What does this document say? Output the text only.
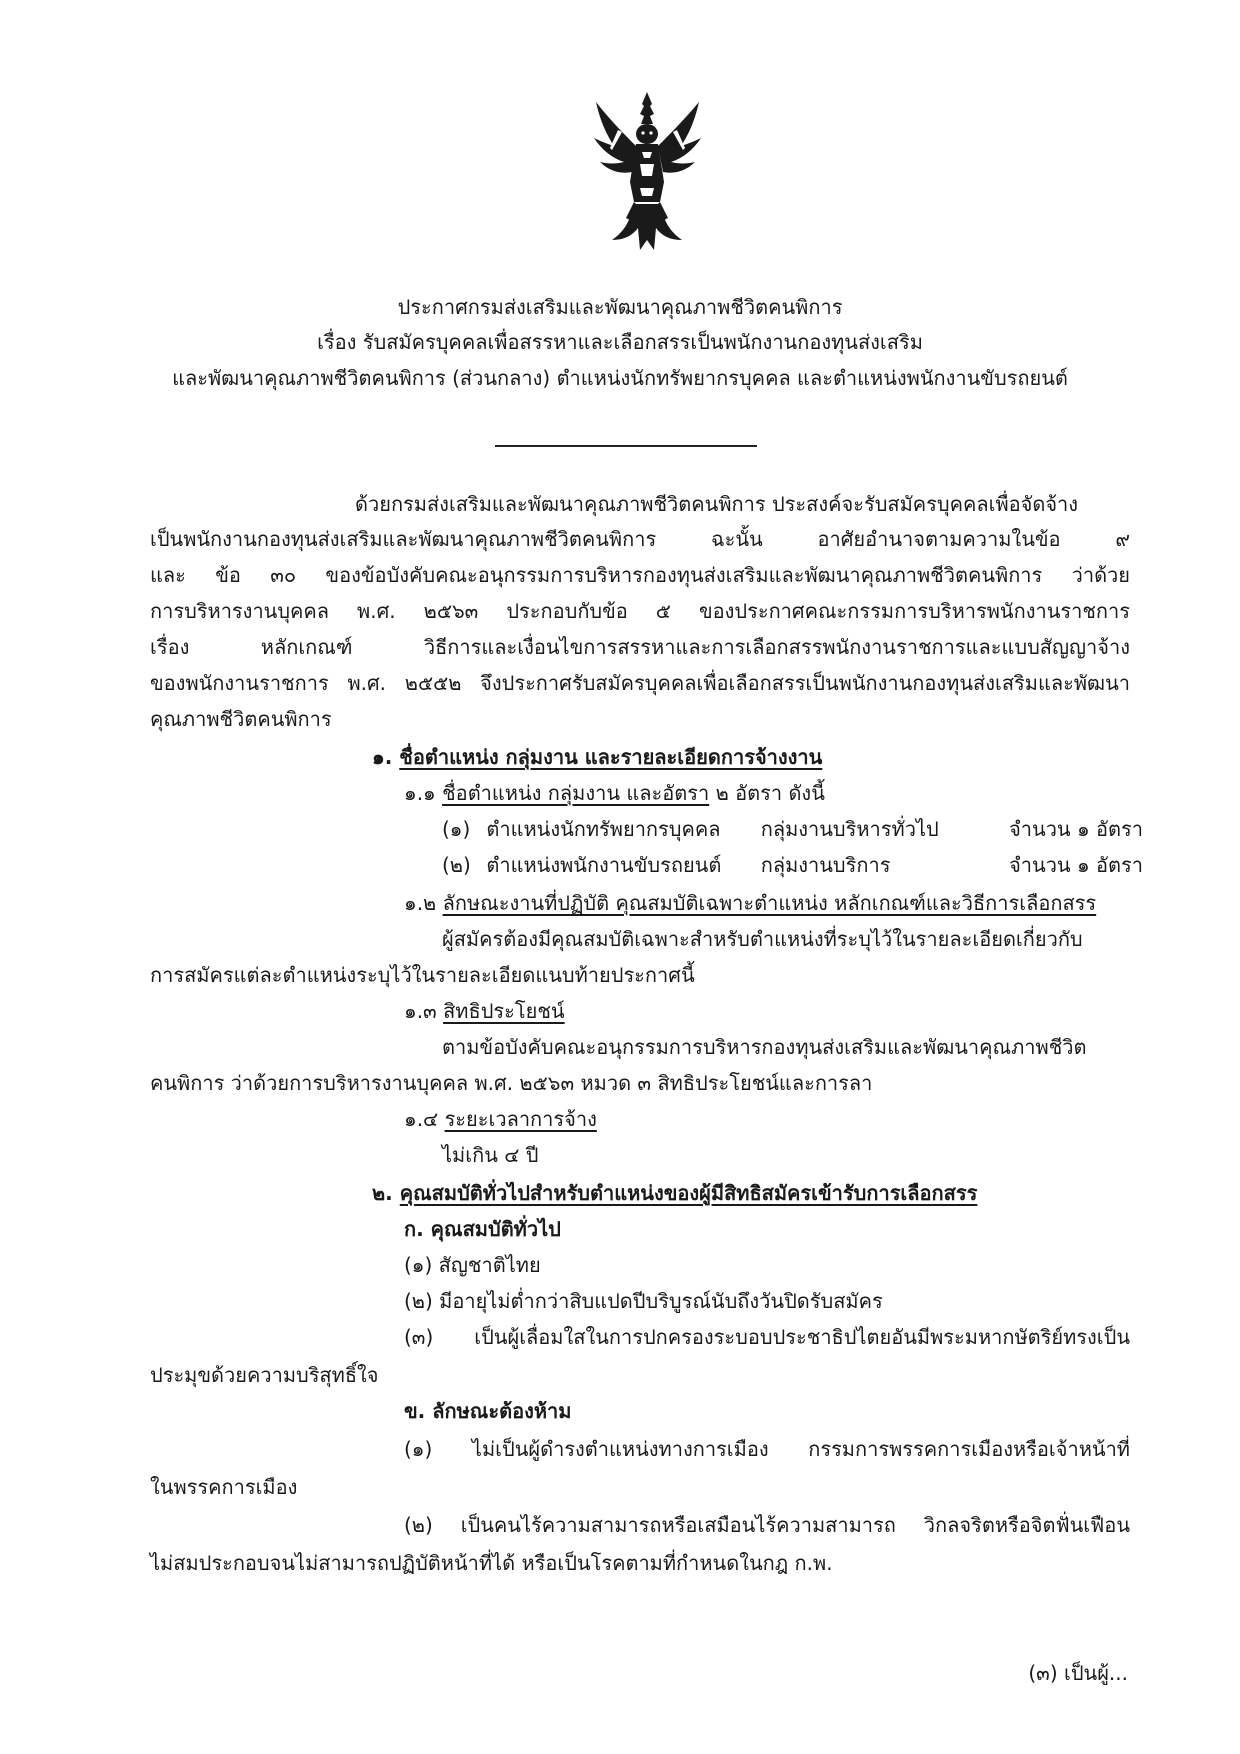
ประกาศกรมส่งเสริมและพัฒนาคุณภาพชีวิตคนพิการ
เรื่อง รับสมัครบุคคลเพื่อสรรหาและเลือกสรรเป็นพนักงานกองทุนส่งเสริม
และพัฒนาคุณภาพชีวิตคนพิการ (ส่วนกลาง) ตำแหน่งนักทรัพยากรบุคคล และตำแหน่งพนักงานขับรถยนต์
ด้วยกรมส่งเสริมและพัฒนาคุณภาพชีวิตคนพิการ ประสงค์จะรับสมัครบุคคลเพื่อจัดจ้าง
เป็นพนักงานกองทุนส่งเสริมและพัฒนาคุณภาพชีวิตคนพิการ ฉะนั้น อาศัยอำนาจตามความในข้อ ๙
และ ข้อ ๓๐ ของข้อบังคับคณะอนุกรรมการบริหารกองทุนส่งเสริมและพัฒนาคุณภาพชีวิตคนพิการ ว่าด้วย
การบริหารงานบุคคล พ.ศ. ๒๕๖๓ ประกอบกับข้อ ๕ ของประกาศคณะกรรมการบริหารพนักงานราชการ
เรื่อง หลักเกณฑ์ วิธีการและเงื่อนไขการสรรหาและการเลือกสรรพนักงานราชการและแบบสัญญาจ้าง
ของพนักงานราชการ พ.ศ. ๒๕๕๒ จึงประกาศรับสมัครบุคคลเพื่อเลือกสรรเป็นพนักงานกองทุนส่งเสริมและพัฒนา
คุณภาพชีวิตคนพิการ
๑. ชื่อตำแหน่ง กลุ่มงาน และรายละเอียดการจ้างงาน
๑.๑ ชื่อตำแหน่ง กลุ่มงาน และอัตรา ๒ อัตรา ดังนี้
(๑) ตำแหน่งนักทรัพยากรบุคคล กลุ่มงานบริหารทั่วไป	จำนวน ๑ อัตรา
(๒) ตำแหน่งพนักงานขับรถยนต์ กลุ่มงานบริการ	จำนวน ๑ อัตรา
๑.๒ ลักษณะงานที่ปฏิบัติ คุณสมบัติเฉพาะตำแหน่ง หลักเกณฑ์และวิธีการเลือกสรร
ผู้สมัครต้องมีคุณสมบัติเฉพาะสำหรับตำแหน่งที่ระบุไว้ในรายละเอียดเกี่ยวกับ
การสมัครแต่ละตำแหน่งระบุไว้ในรายละเอียดแนบท้ายประกาศนี้
๑.๓ สิทธิประโยชน์
ตามข้อบังคับคณะอนุกรรมการบริหารกองทุนส่งเสริมและพัฒนาคุณภาพชีวิต
คนพิการ ว่าด้วยการบริหารงานบุคคล พ.ศ. ๒๕๖๓ หมวด ๓ สิทธิประโยชน์และการลา
๑.๔ ระยะเวลาการจ้าง
ไม่เกิน ๔ ปี
๒. คุณสมบัติทั่วไปสำหรับตำแหน่งของผู้มีสิทธิสมัครเข้ารับการเลือกสรร
ก. คุณสมบัติทั่วไป
(๑) สัญชาติไทย
(๒) มีอายุไม่ต่ำกว่าสิบแปดปีบริบูรณ์นับถึงวันปิดรับสมัคร
(๓) เป็นผู้เลื่อมใสในการปกครองระบอบประชาธิปไตยอันมีพระมหากษัตริย์ทรงเป็น
ประมุขด้วยความบริสุทธิ์ใจ
ข. ลักษณะต้องห้าม
(๑) ไม่เป็นผู้ดำรงตำแหน่งทางการเมือง กรรมการพรรคการเมืองหรือเจ้าหน้าที่
ในพรรคการเมือง
(๒) เป็นคนไร้ความสามารถหรือเสมือนไร้ความสามารถ วิกลจริตหรือจิตฟั่นเฟือน
ไม่สมประกอบจนไม่สามารถปฏิบัติหน้าที่ได้ หรือเป็นโรคตามที่กำหนดในกฎ ก.พ.
(๓) เป็นผู้...
